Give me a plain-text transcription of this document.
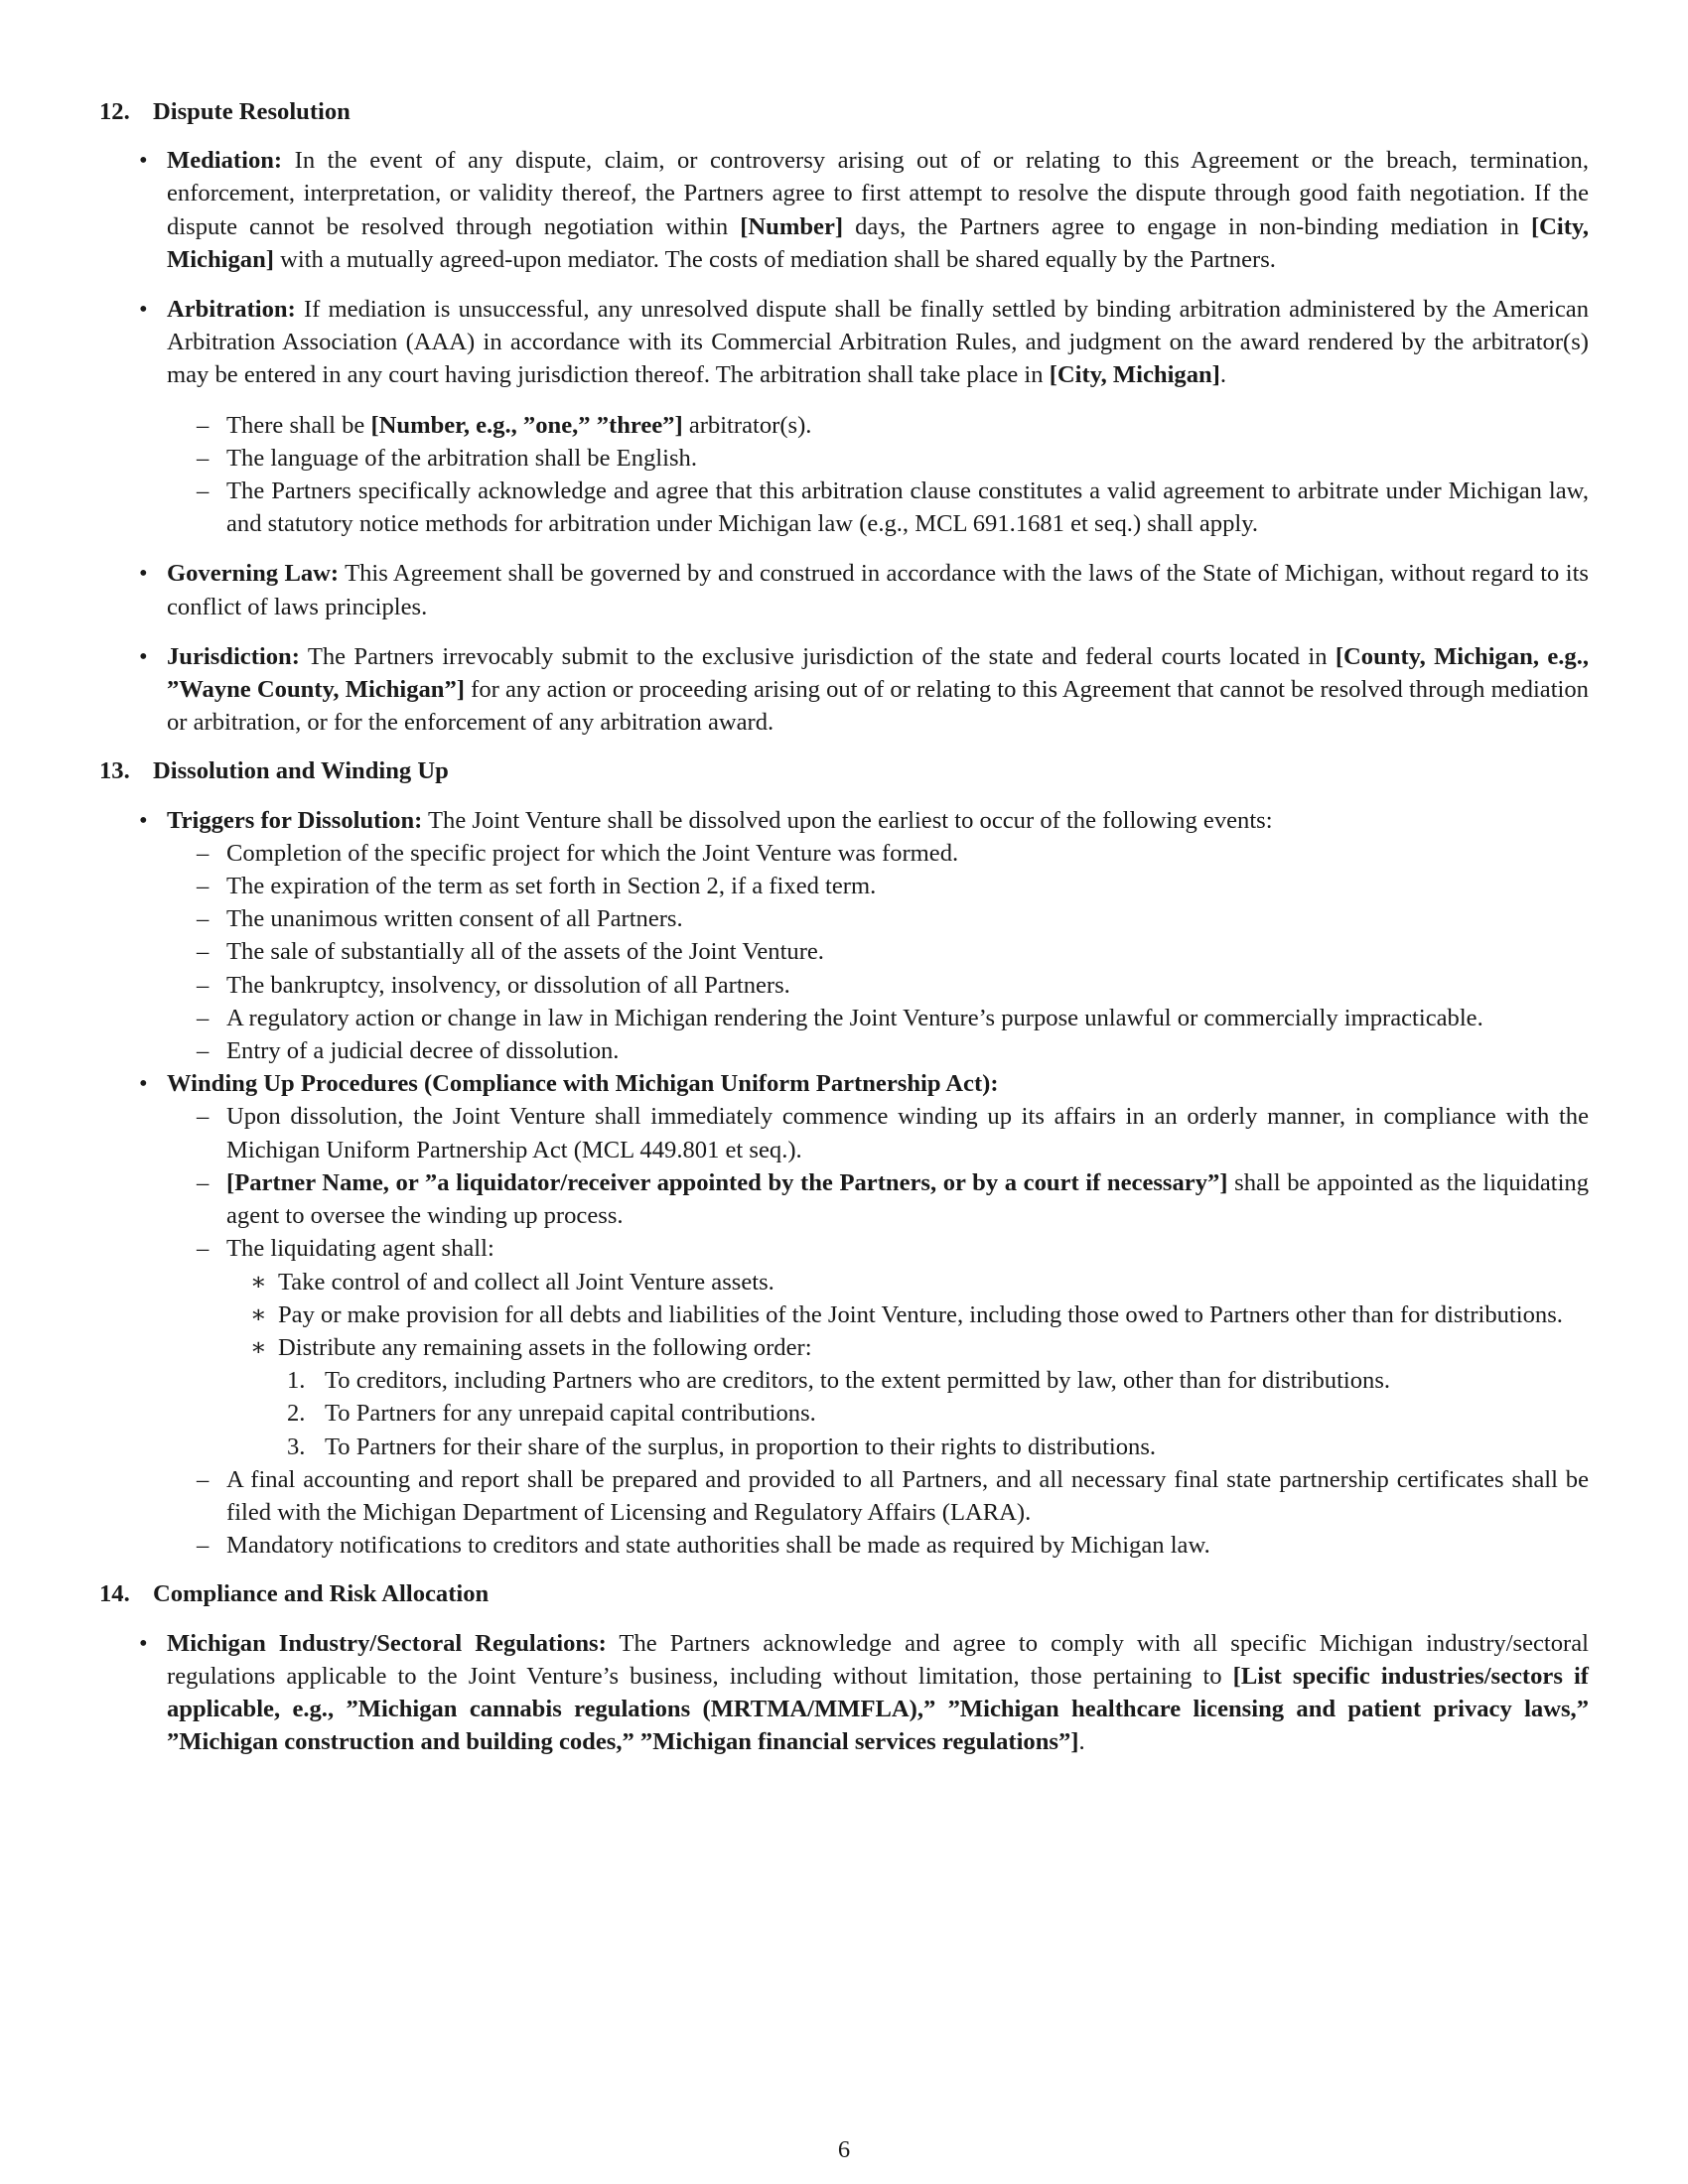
12. Dispute Resolution

• Mediation: In the event of any dispute, claim, or controversy arising out of or relating to this Agreement or the breach, termination, enforcement, interpretation, or validity thereof, the Partners agree to first attempt to resolve the dispute through good faith negotiation. If the dispute cannot be resolved through negotiation within [Number] days, the Partners agree to engage in non-binding mediation in [City, Michigan] with a mutually agreed-upon mediator. The costs of mediation shall be shared equally by the Partners.

• Arbitration: If mediation is unsuccessful, any unresolved dispute shall be finally settled by binding arbitration administered by the American Arbitration Association (AAA) in accordance with its Commercial Arbitration Rules, and judgment on the award rendered by the arbitrator(s) may be entered in any court having jurisdiction thereof. The arbitration shall take place in [City, Michigan].

– There shall be [Number, e.g., ”one,” ”three”] arbitrator(s).

– The language of the arbitration shall be English.

– The Partners specifically acknowledge and agree that this arbitration clause constitutes a valid agreement to arbitrate under Michigan law, and statutory notice methods for arbitration under Michigan law (e.g., MCL 691.1681 et seq.) shall apply.

• Governing Law: This Agreement shall be governed by and construed in accordance with the laws of the State of Michigan, without regard to its conflict of laws principles.

• Jurisdiction: The Partners irrevocably submit to the exclusive jurisdiction of the state and federal courts located in [County, Michigan, e.g., ”Wayne County, Michigan”] for any action or proceeding arising out of or relating to this Agreement that cannot be resolved through mediation or arbitration, or for the enforcement of any arbitration award.

13. Dissolution and Winding Up

• Triggers for Dissolution: The Joint Venture shall be dissolved upon the earliest to occur of the following events:

– Completion of the specific project for which the Joint Venture was formed.

– The expiration of the term as set forth in Section 2, if a fixed term.

– The unanimous written consent of all Partners.

– The sale of substantially all of the assets of the Joint Venture.

– The bankruptcy, insolvency, or dissolution of all Partners.

– A regulatory action or change in law in Michigan rendering the Joint Venture’s purpose unlawful or commercially impracticable.

– Entry of a judicial decree of dissolution.

• Winding Up Procedures (Compliance with Michigan Uniform Partnership Act):

– Upon dissolution, the Joint Venture shall immediately commence winding up its affairs in an orderly manner, in compliance with the Michigan Uniform Partnership Act (MCL 449.801 et seq.).

– [Partner Name, or ”a liquidator/receiver appointed by the Partners, or by a court if necessary”] shall be appointed as the liquidating agent to oversee the winding up process.

– The liquidating agent shall:

∗ Take control of and collect all Joint Venture assets.

∗ Pay or make provision for all debts and liabilities of the Joint Venture, including those owed to Partners other than for distributions.

∗ Distribute any remaining assets in the following order:

1. To creditors, including Partners who are creditors, to the extent permitted by law, other than for distributions.

2. To Partners for any unrepaid capital contributions.

3. To Partners for their share of the surplus, in proportion to their rights to distributions.

– A final accounting and report shall be prepared and provided to all Partners, and all necessary final state partnership certificates shall be filed with the Michigan Department of Licensing and Regulatory Affairs (LARA).

– Mandatory notifications to creditors and state authorities shall be made as required by Michigan law.

14. Compliance and Risk Allocation

• Michigan Industry/Sectoral Regulations: The Partners acknowledge and agree to comply with all specific Michigan industry/sectoral regulations applicable to the Joint Venture’s business, including without limitation, those pertaining to [List specific industries/sectors if applicable, e.g., ”Michigan cannabis regulations (MRTMA/MMFLA),” ”Michigan healthcare licensing and patient privacy laws,” ”Michigan construction and building codes,” ”Michigan financial services regulations”].

6
